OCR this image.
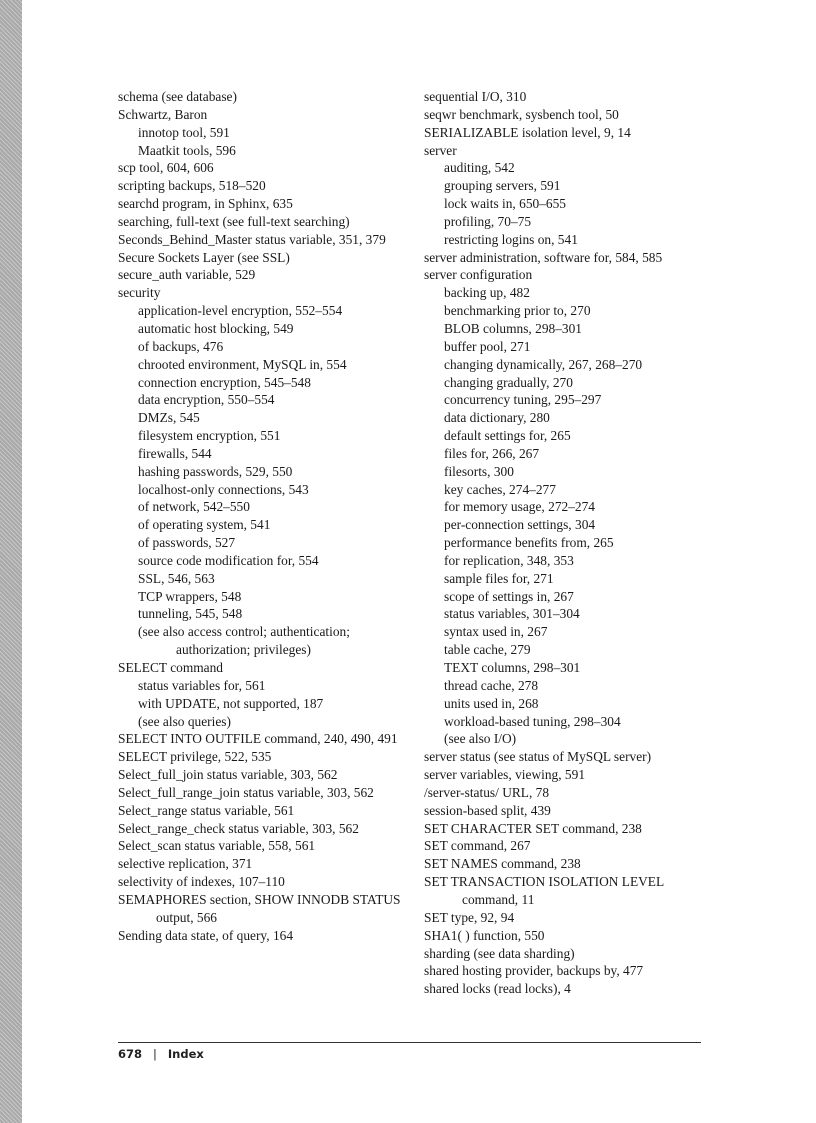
schema (see database)
Schwartz, Baron
innotop tool, 591
Maatkit tools, 596
scp tool, 604, 606
scripting backups, 518–520
searchd program, in Sphinx, 635
searching, full-text (see full-text searching)
Seconds_Behind_Master status variable, 351, 379
Secure Sockets Layer (see SSL)
secure_auth variable, 529
security
application-level encryption, 552–554
automatic host blocking, 549
of backups, 476
chrooted environment, MySQL in, 554
connection encryption, 545–548
data encryption, 550–554
DMZs, 545
filesystem encryption, 551
firewalls, 544
hashing passwords, 529, 550
localhost-only connections, 543
of network, 542–550
of operating system, 541
of passwords, 527
source code modification for, 554
SSL, 546, 563
TCP wrappers, 548
tunneling, 545, 548
(see also access control; authentication; authorization; privileges)
SELECT command
status variables for, 561
with UPDATE, not supported, 187
(see also queries)
SELECT INTO OUTFILE command, 240, 490, 491
SELECT privilege, 522, 535
Select_full_join status variable, 303, 562
Select_full_range_join status variable, 303, 562
Select_range status variable, 561
Select_range_check status variable, 303, 562
Select_scan status variable, 558, 561
selective replication, 371
selectivity of indexes, 107–110
SEMAPHORES section, SHOW INNODB STATUS output, 566
Sending data state, of query, 164
sequential I/O, 310
seqwr benchmark, sysbench tool, 50
SERIALIZABLE isolation level, 9, 14
server
auditing, 542
grouping servers, 591
lock waits in, 650–655
profiling, 70–75
restricting logins on, 541
server administration, software for, 584, 585
server configuration
backing up, 482
benchmarking prior to, 270
BLOB columns, 298–301
buffer pool, 271
changing dynamically, 267, 268–270
changing gradually, 270
concurrency tuning, 295–297
data dictionary, 280
default settings for, 265
files for, 266, 267
filesorts, 300
key caches, 274–277
for memory usage, 272–274
per-connection settings, 304
performance benefits from, 265
for replication, 348, 353
sample files for, 271
scope of settings in, 267
status variables, 301–304
syntax used in, 267
table cache, 279
TEXT columns, 298–301
thread cache, 278
units used in, 268
workload-based tuning, 298–304
(see also I/O)
server status (see status of MySQL server)
server variables, viewing, 591
/server-status/ URL, 78
session-based split, 439
SET CHARACTER SET command, 238
SET command, 267
SET NAMES command, 238
SET TRANSACTION ISOLATION LEVEL command, 11
SET type, 92, 94
SHA1( ) function, 550
sharding (see data sharding)
shared hosting provider, backups by, 477
shared locks (read locks), 4
678 | Index
